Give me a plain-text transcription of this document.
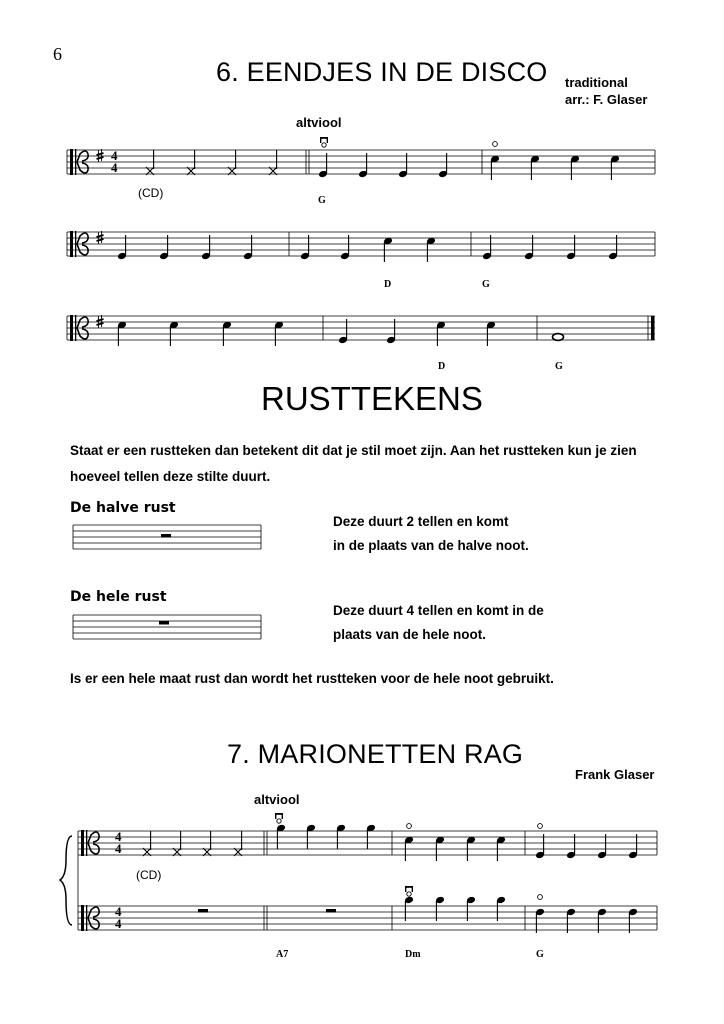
6
6. EENDJES IN DE DISCO traditional
arr.: F. Glaser
altviool
4
4
(CD)
G
D	G
D	G
RUSTTEKENS
Staat er een rustteken dan betekent dit dat je stil moet zijn. Aan het rustteken kun je zien hoeveel tellen deze stilte duurt.
De halve rust
Deze duurt 2 tellen en komt
in de plaats van de halve noot.
De hele rust
Deze duurt 4 tellen en komt in de
plaats van de hele noot.
Is er een hele maat rust dan wordt het rustteken voor de hele noot gebruikt.
7. MARIONETTEN RAG
Frank Glaser
altviool
(CD)
A7	Dm	G
